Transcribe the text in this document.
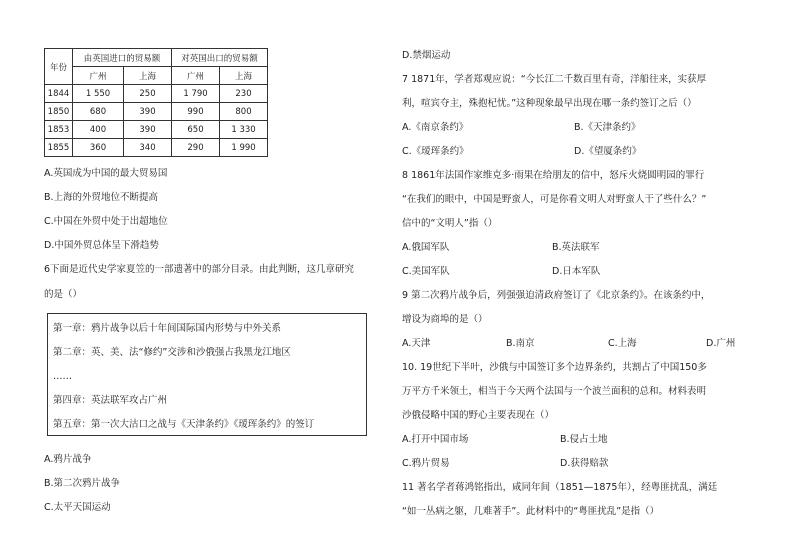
年份	由英国进口的贸易额		对英国出口的贸易额	
	广州	上海	广州	上海
1844	1 550	250	1 790	230
1850	680	390	990	800
1853	400	390	650	1 330
1855	360	340	290	1 990
A.英国成为中国的最大贸易国
B.上海的外贸地位不断提高
C.中国在外贸中处于出超地位
D.中国外贸总体呈下滑趋势
6下面是近代史学家夏笠的一部遗著中的部分目录。由此判断，这几章研究
的是（）
第一章：鸦片战争以后十年间国际国内形势与中外关系
第二章：英、美、法“修约”交涉和沙俄强占我黑龙江地区
……
第四章：英法联军攻占广州
第五章：第一次大沽口之战与《天津条约》《瑷珲条约》的签订
A.鸦片战争
B.第二次鸦片战争
C.太平天国运动
D.禁烟运动
7 1871年，学者郑观应说：“今长江二千数百里有奇，洋船往来，实获厚
利，喧宾夺主，殊抱杞忧。”这种现象最早出现在哪一条约签订之后（）
A.《南京条约》	B.《天津条约》
C.《瑷珲条约》	D.《望厦条约》
8 1861年法国作家维克多·雨果在给朋友的信中，怒斥火烧圆明园的罪行
“在我们的眼中，中国是野蛮人，可是你看文明人对野蛮人干了些什么？”
信中的“文明人”指（）
A.俄国军队	B.英法联军
C.美国军队	D.日本军队
9 第二次鸦片战争后，列强强迫清政府签订了《北京条约》。在该条约中，
增设为商埠的是（）
A.天津	B.南京	C.上海	D.广州
10. 19世纪下半叶，沙俄与中国签订多个边界条约，共割占了中国150多
万平方千米领土，相当于今天两个法国与一个波兰面积的总和。材料表明
沙俄侵略中国的野心主要表现在（）
A.打开中国市场	B.侵占土地
C.鸦片贸易	D.获得赔款
11 著名学者蒋鸿铭指出，咸同年间（1851—1875年），经粤匪扰乱，满廷
“如一丛病之躯，几难著手”。此材料中的“粤匪扰乱”是指（）
